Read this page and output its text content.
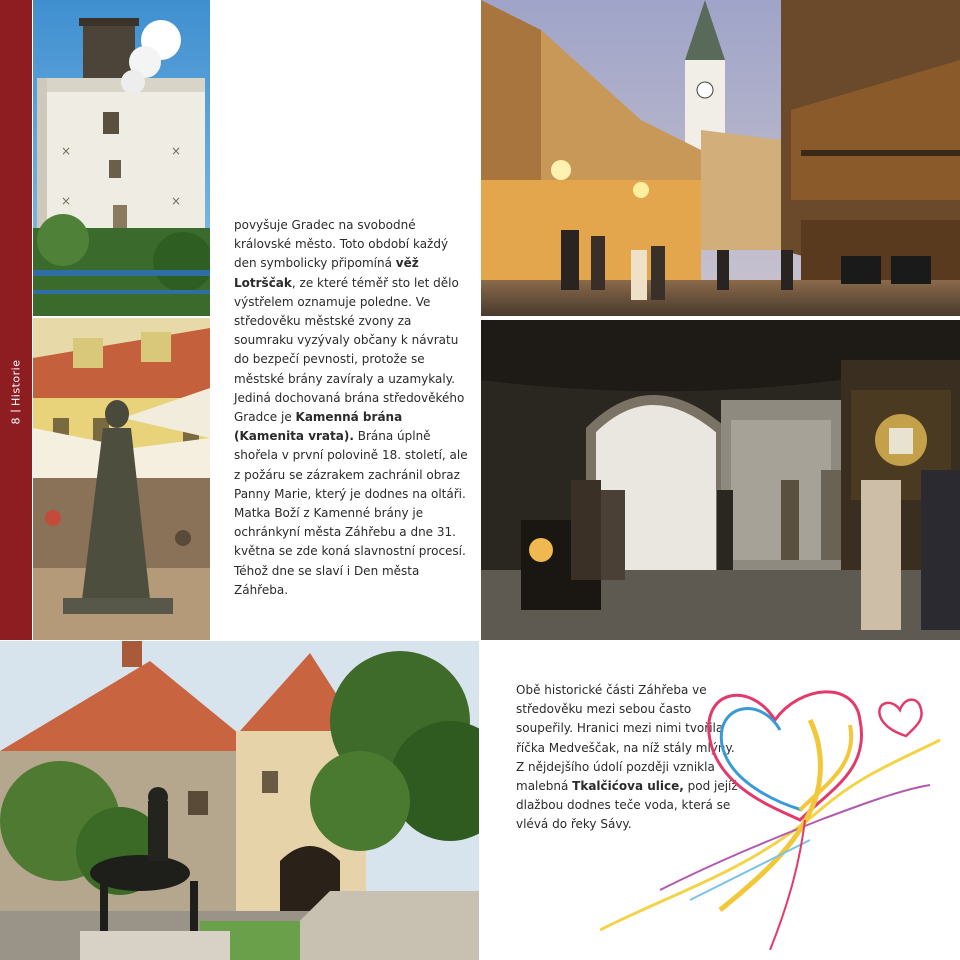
8Historie
×	×
×	×
povyšuje Gradec na svobodné královské město. Toto období každý den symbolicky připomíná věž Lotrščak, ze které téměř sto let dělo výstřelem oznamuje poledne. Ve středověku městské zvony za soumraku vyzývaly občany k návratu do bezpečí pevnosti, protože se městské brány zavíraly a uzamykaly. Jediná dochovaná brána středověkého Gradce je Kamenná brána (Kamenita vrata). Brána úplně shořela v první polovině 18. století, ale z požáru se zázrakem zachránil obraz Panny Marie, který je dodnes na oltáři. Matka Boží z Kamenné brány je ochránkyní města Záhřebu a dne 31. května se zde koná slavnostní procesí. Téhož dne se slaví i Den města Záhřeba.
Obě historické části Záhřeba ve středověku mezi sebou často soupeřily. Hranici mezi nimi tvořila říčka Medveščak, na níž stály mlýny. Z nějdejšího údolí později vznikla malebná Tkalčićova ulice, pod jejíž dlažbou dodnes teče voda, která se vlévá do řeky Sávy.
